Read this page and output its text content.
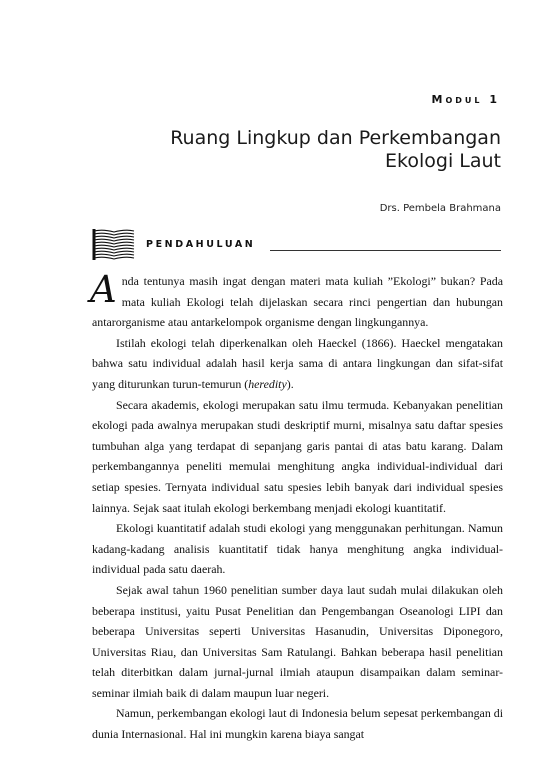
Modul 1
Ruang Lingkup dan Perkembangan
Ekologi Laut
Drs. Pembela Brahmana
PENDAHULUAN

Anda tentunya masih ingat dengan materi mata kuliah ”Ekologi” bukan? Pada mata kuliah Ekologi telah dijelaskan secara rinci pengertian dan hubungan antarorganisme atau antarkelompok organisme dengan lingkungannya.

Istilah ekologi telah diperkenalkan oleh Haeckel (1866). Haeckel mengatakan bahwa satu individual adalah hasil kerja sama di antara lingkungan dan sifat-sifat yang diturunkan turun-temurun (heredity).

Secara akademis, ekologi merupakan satu ilmu termuda. Kebanyakan penelitian ekologi pada awalnya merupakan studi deskriptif murni, misalnya satu daftar spesies tumbuhan alga yang terdapat di sepanjang garis pantai di atas batu karang. Dalam perkembangannya peneliti memulai menghitung angka individual-individual dari setiap spesies. Ternyata individual satu spesies lebih banyak dari individual spesies lainnya. Sejak saat itulah ekologi berkembang menjadi ekologi kuantitatif.

Ekologi kuantitatif adalah studi ekologi yang menggunakan perhitungan. Namun kadang-kadang analisis kuantitatif tidak hanya menghitung angka individual-individual pada satu daerah.

Sejak awal tahun 1960 penelitian sumber daya laut sudah mulai dilakukan oleh beberapa institusi, yaitu Pusat Penelitian dan Pengembangan Oseanologi LIPI dan beberapa Universitas seperti Universitas Hasanudin, Universitas Diponegoro, Universitas Riau, dan Universitas Sam Ratulangi. Bahkan beberapa hasil penelitian telah diterbitkan dalam jurnal-jurnal ilmiah ataupun disampaikan dalam seminar-seminar ilmiah baik di dalam maupun luar negeri.

Namun, perkembangan ekologi laut di Indonesia belum sepesat perkembangan di dunia Internasional. Hal ini mungkin karena biaya sangat
